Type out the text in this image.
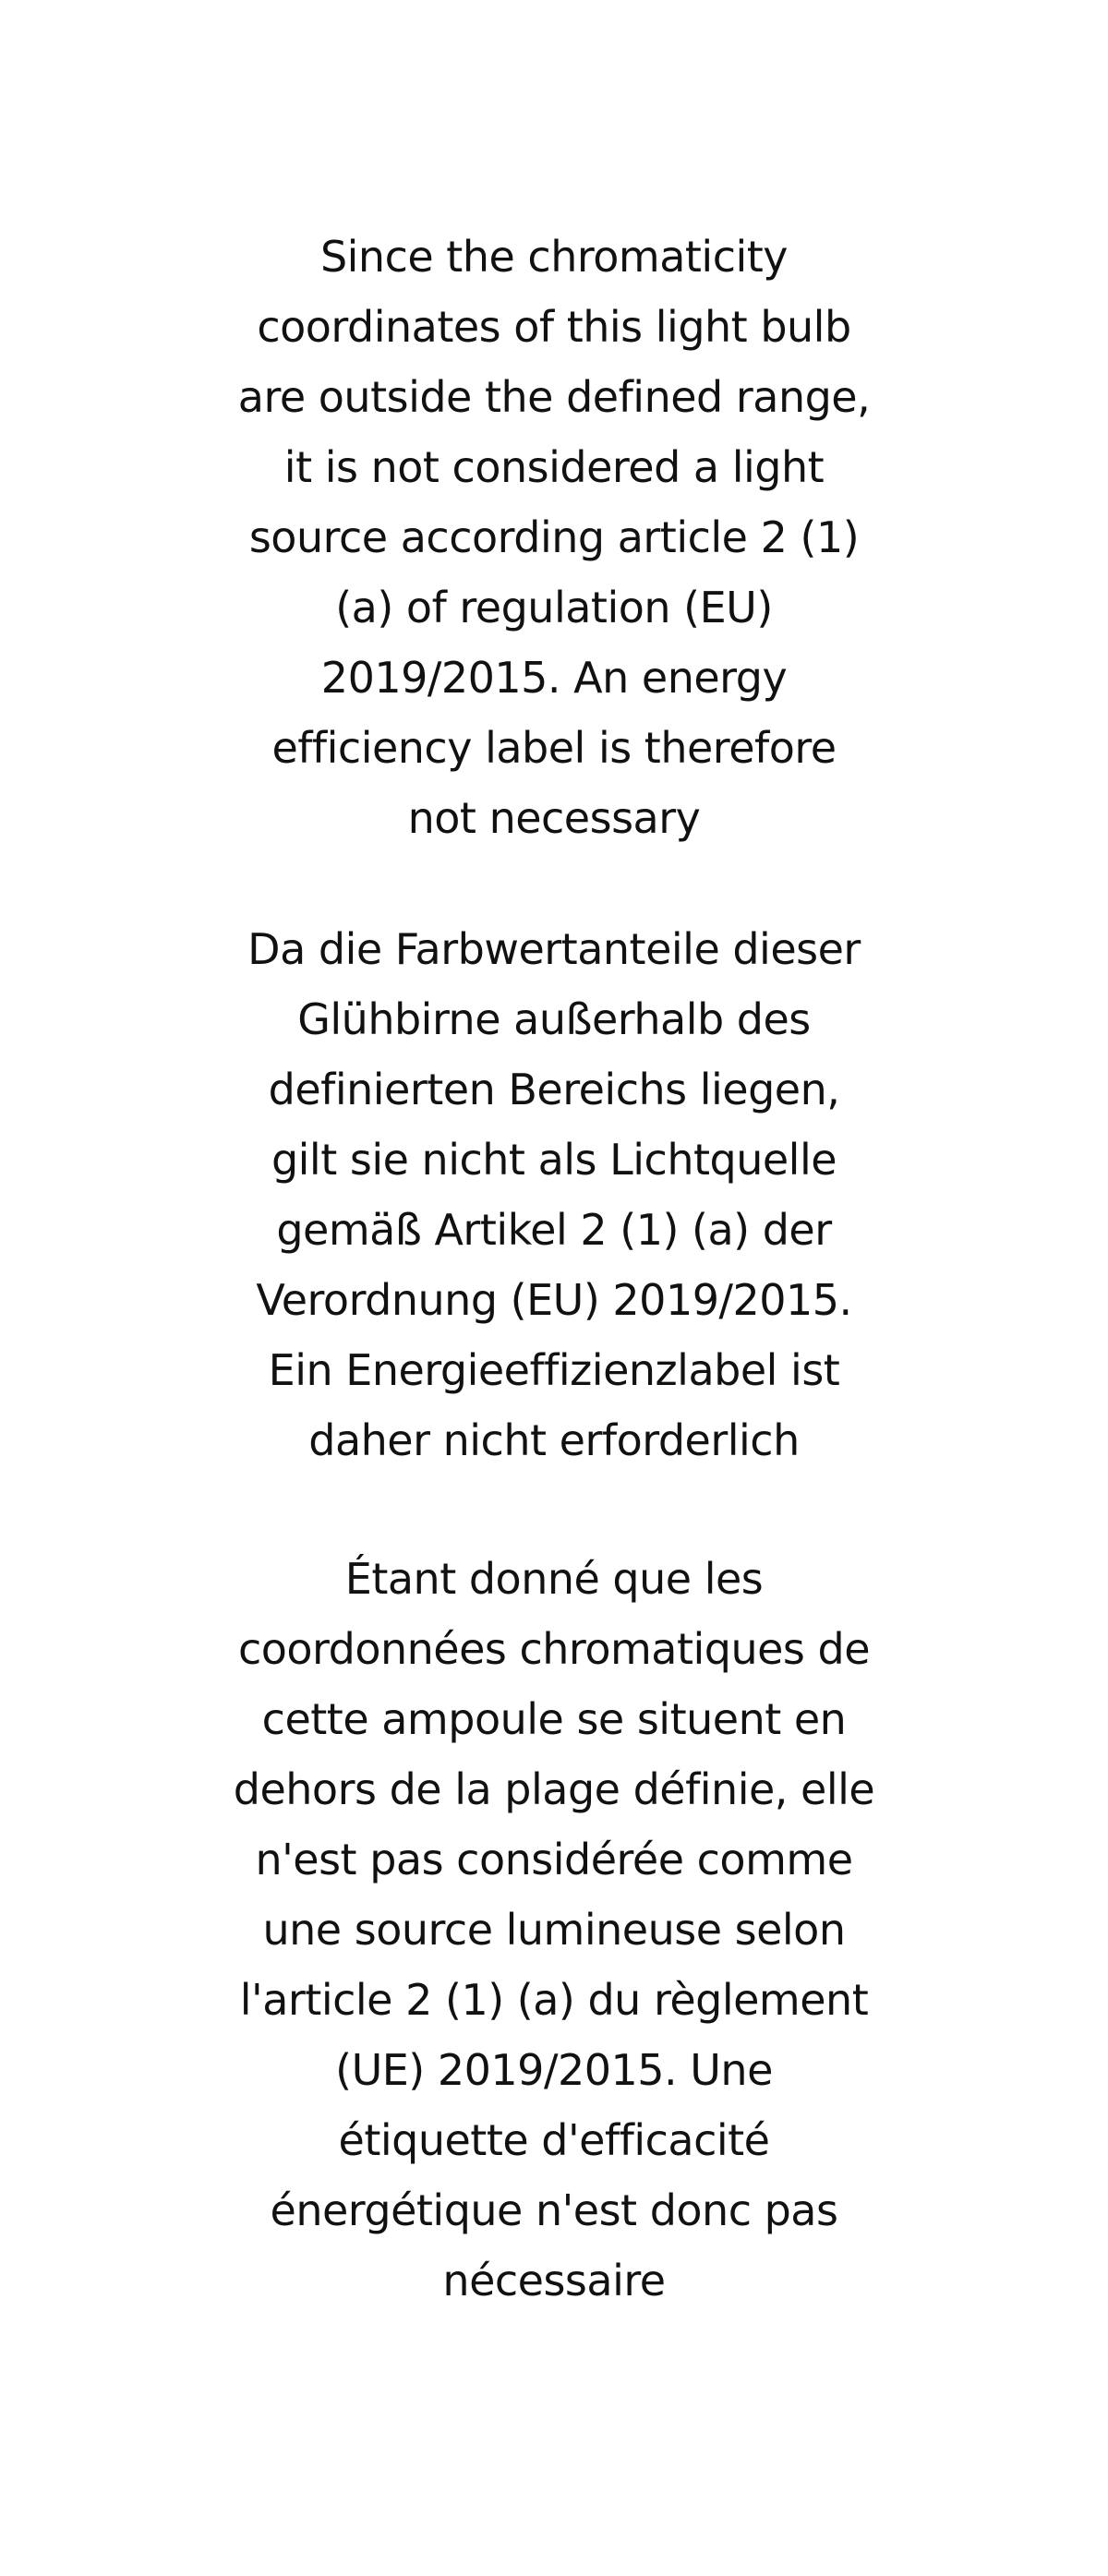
Since the chromaticity
coordinates of this light bulb
are outside the defined range,
it is not considered a light
source according article 2 (1)
(a) of regulation (EU)
2019/2015. An energy
efficiency label is therefore
not necessary
Da die Farbwertanteile dieser
Glühbirne außerhalb des
definierten Bereichs liegen,
gilt sie nicht als Lichtquelle
gemäß Artikel 2 (1) (a) der
Verordnung (EU) 2019/2015.
Ein Energieeffizienzlabel ist
daher nicht erforderlich
Étant donné que les
coordonnées chromatiques de
cette ampoule se situent en
dehors de la plage définie, elle
n'est pas considérée comme
une source lumineuse selon
l'article 2 (1) (a) du règlement
(UE) 2019/2015. Une
étiquette d'efficacité
énergétique n'est donc pas
nécessaire
